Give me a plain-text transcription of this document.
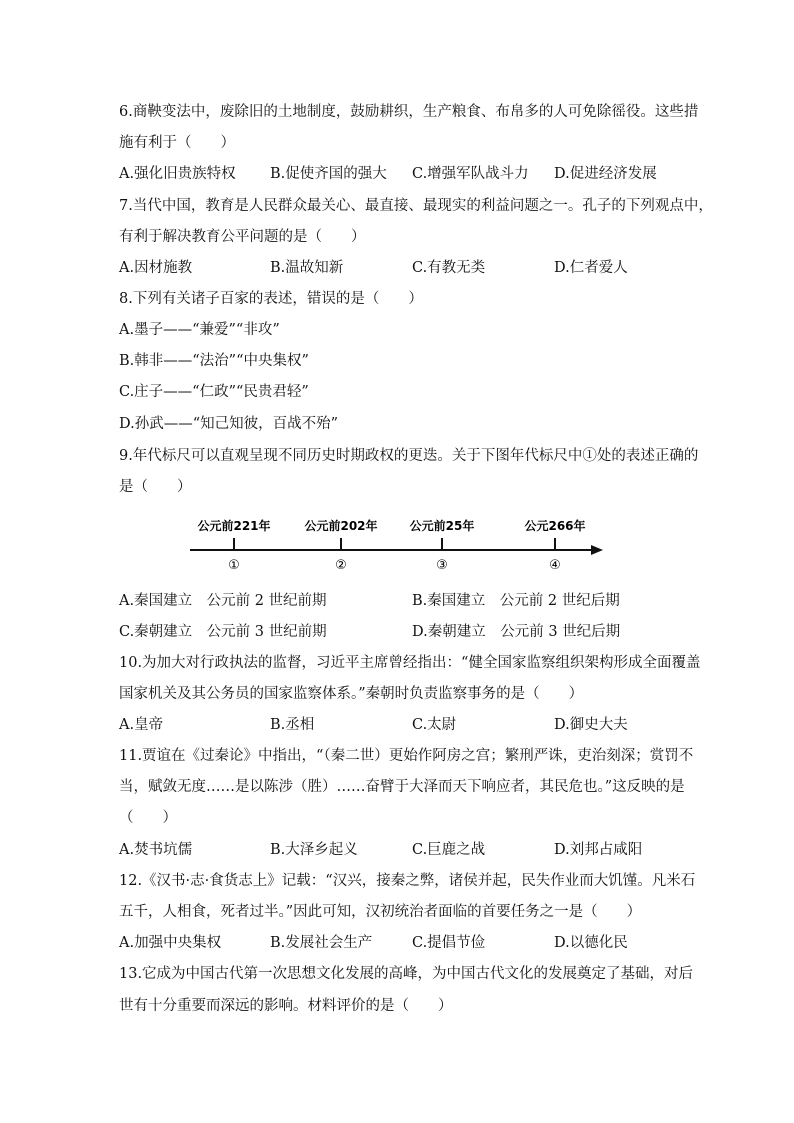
6.商鞅变法中，废除旧的土地制度，鼓励耕织，生产粮食、布帛多的人可免除徭役。这些措
施有利于（　　）
A.强化旧贵族特权 B.促使齐国的强大 C.增强军队战斗力 D.促进经济发展
7.当代中国，教育是人民群众最关心、最直接、最现实的利益问题之一。孔子的下列观点中，
有利于解决教育公平问题的是（　　）
A.因材施教	B.温故知新	C.有教无类	D.仁者爱人
8.下列有关诸子百家的表述，错误的是（　　）
A.墨子——“兼爱”“非攻”
B.韩非——“法治”“中央集权”
C.庄子——“仁政”“民贵君轻”
D.孙武——“知己知彼，百战不殆”
9.年代标尺可以直观呈现不同历史时期政权的更迭。关于下图年代标尺中①处的表述正确的
是（　　）
公元前221年	公元前202年	公元前25年	公元266年
①	②	③	④
A.秦国建立　公元前 2 世纪前期	B.秦国建立　公元前 2 世纪后期
C.秦朝建立　公元前 3 世纪前期	D.秦朝建立　公元前 3 世纪后期
10.为加大对行政执法的监督，习近平主席曾经指出：“健全国家监察组织架构形成全面覆盖
国家机关及其公务员的国家监察体系。”秦朝时负责监察事务的是（　　）
A.皇帝	B.丞相	C.太尉	D.御史大夫
11.贾谊在《过秦论》中指出，“（秦二世）更始作阿房之宫；繁刑严诛，吏治刻深；赏罚不
当，赋敛无度……是以陈涉（胜）……奋臂于大泽而天下响应者，其民危也。”这反映的是
（　　）
A.焚书坑儒	B.大泽乡起义	C.巨鹿之战	D.刘邦占咸阳
12.《汉书·志·食货志上》记载：“汉兴，接秦之弊，诸侯并起，民失作业而大饥馑。凡米石
五千，人相食，死者过半。”因此可知，汉初统治者面临的首要任务之一是（　　）
A.加强中央集权	B.发展社会生产	C.提倡节俭	D.以德化民
13.它成为中国古代第一次思想文化发展的高峰，为中国古代文化的发展奠定了基础，对后
世有十分重要而深远的影响。材料评价的是（　　）
